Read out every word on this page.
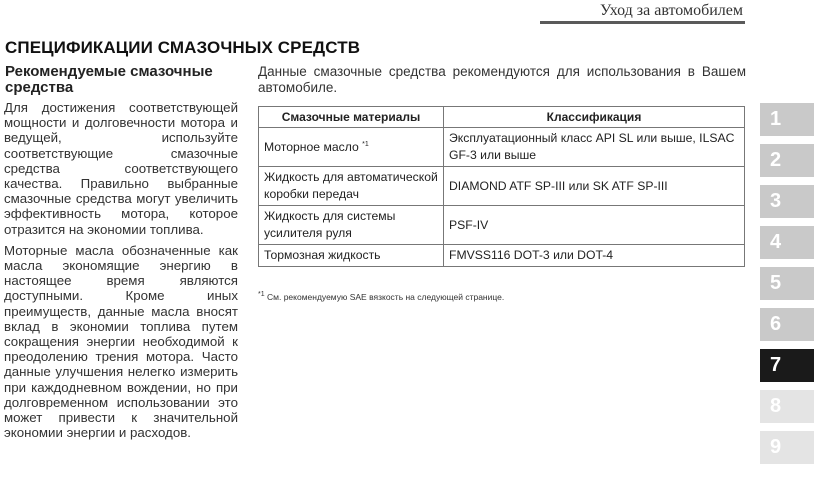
Уход за автомобилем
СПЕЦИФИКАЦИИ СМАЗОЧНЫХ СРЕДСТВ
Рекомендуемые смазочные средства

Для достижения соответствующей мощности и долговечности мотора и ведущей, используйте соответствующие смазочные средства соответствующего качества. Правильно выбранные смазочные средства могут увеличить эффективность мотора, которое отразится на экономии топлива.

Моторные масла обозначенные как масла экономящие энергию в настоящее время являются доступными. Кроме иных преимуществ, данные масла вносят вклад в экономии топлива путем сокращения энергии необходимой к преодолению трения мотора. Часто данные улучшения нелегко измерить при каждодневном вождении, но при долговременном использовании это может привести к значительной экономии энергии и расходов.

Данные смазочные средства рекомендуются для использования в Вашем автомобиле.
Смазочные материалы	Классификация
Моторное масло $^{*1}$	Эксплуатационный класс API SL или выше, ILSAC GF-3 или выше
Жидкость для автоматической коробки передач	DIAMOND ATF SP-III или SK ATF SP-III
Жидкость для системы усилителя руля	PSF-IV
Тормозная жидкость	FMVSS116 DOT-3 или DOT-4
$^{*1}$ См. рекомендуемую SAE вязкость на следующей странице.
1
2
3
4
5
6
7
8
9
